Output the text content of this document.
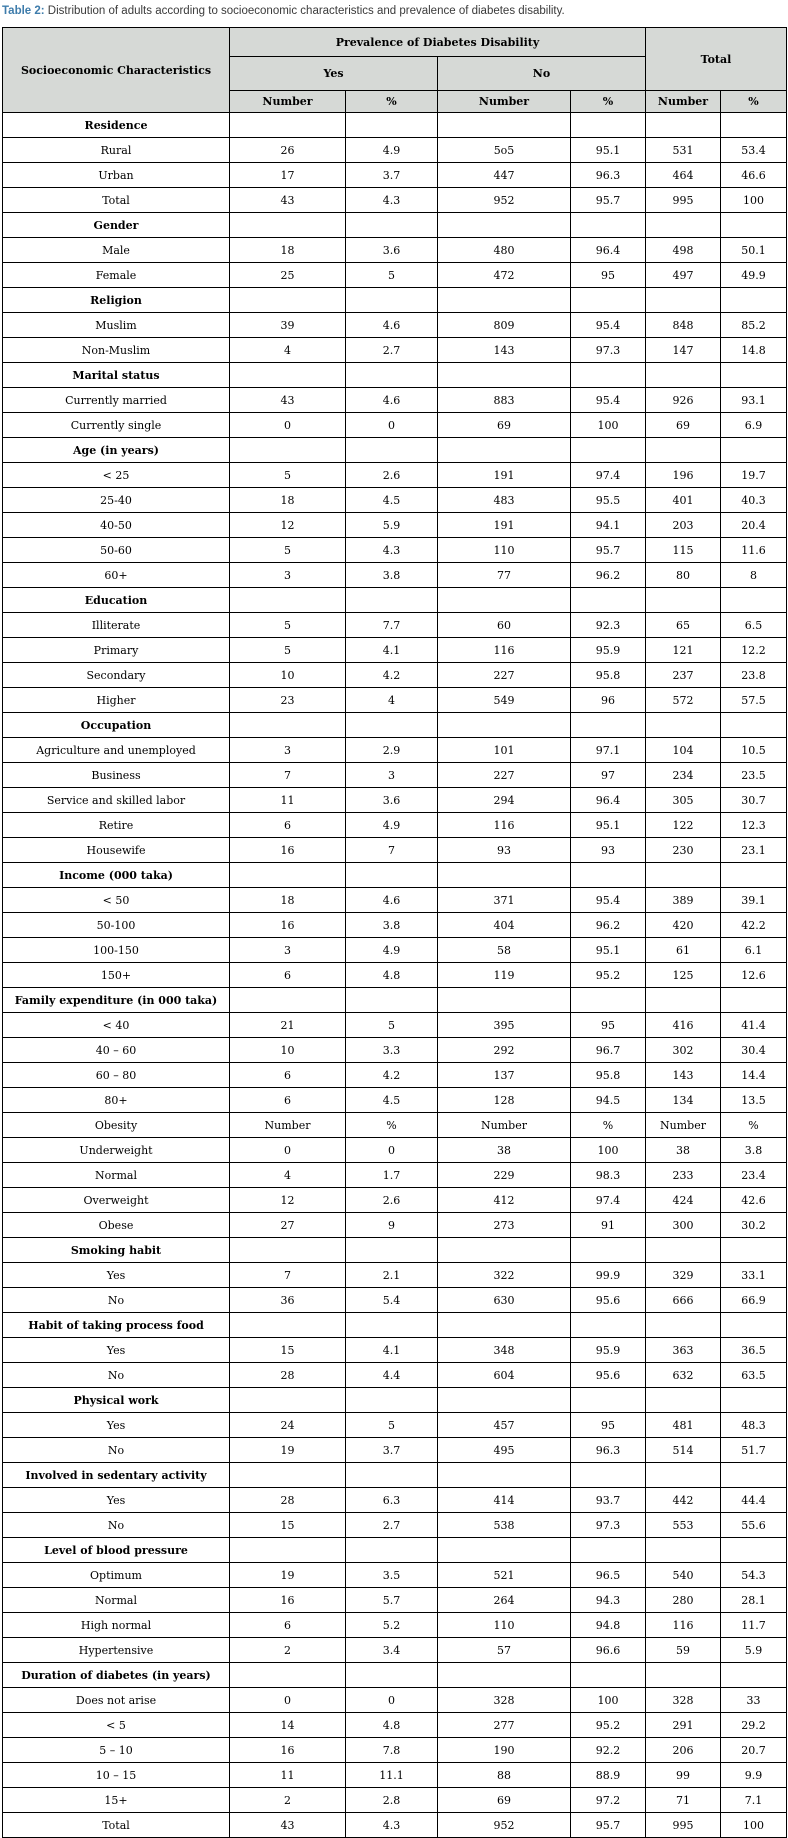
Table 2: Distribution of adults according to socioeconomic characteristics and prevalence of diabetes disability.

Socioeconomic Characteristics	Prevalence of Diabetes Disability				Total	
	Yes		No			
	Number	%	Number	%	Number	%
Residence						
Rural	26	4.9	5o5	95.1	531	53.4
Urban	17	3.7	447	96.3	464	46.6
Total	43	4.3	952	95.7	995	100
Gender						
Male	18	3.6	480	96.4	498	50.1
Female	25	5	472	95	497	49.9
Religion						
Muslim	39	4.6	809	95.4	848	85.2
Non-Muslim	4	2.7	143	97.3	147	14.8
Marital status						
Currently married	43	4.6	883	95.4	926	93.1
Currently single	0	0	69	100	69	6.9
Age (in years)						
< 25	5	2.6	191	97.4	196	19.7
25-40	18	4.5	483	95.5	401	40.3
40-50	12	5.9	191	94.1	203	20.4
50-60	5	4.3	110	95.7	115	11.6
60+	3	3.8	77	96.2	80	8
Education						
Illiterate	5	7.7	60	92.3	65	6.5
Primary	5	4.1	116	95.9	121	12.2
Secondary	10	4.2	227	95.8	237	23.8
Higher	23	4	549	96	572	57.5
Occupation						
Agriculture and unemployed	3	2.9	101	97.1	104	10.5
Business	7	3	227	97	234	23.5
Service and skilled labor	11	3.6	294	96.4	305	30.7
Retire	6	4.9	116	95.1	122	12.3
Housewife	16	7	93	93	230	23.1
Income (000 taka)						
< 50	18	4.6	371	95.4	389	39.1
50-100	16	3.8	404	96.2	420	42.2
100-150	3	4.9	58	95.1	61	6.1
150+	6	4.8	119	95.2	125	12.6
Family expenditure (in 000 taka)						
< 40	21	5	395	95	416	41.4
40 – 60	10	3.3	292	96.7	302	30.4
60 – 80	6	4.2	137	95.8	143	14.4
80+	6	4.5	128	94.5	134	13.5
Obesity	Number	%	Number	%	Number	%
Underweight	0	0	38	100	38	3.8
Normal	4	1.7	229	98.3	233	23.4
Overweight	12	2.6	412	97.4	424	42.6
Obese	27	9	273	91	300	30.2
Smoking habit						
Yes	7	2.1	322	99.9	329	33.1
No	36	5.4	630	95.6	666	66.9
Habit of taking process food						
Yes	15	4.1	348	95.9	363	36.5
No	28	4.4	604	95.6	632	63.5
Physical work						
Yes	24	5	457	95	481	48.3
No	19	3.7	495	96.3	514	51.7
Involved in sedentary activity						
Yes	28	6.3	414	93.7	442	44.4
No	15	2.7	538	97.3	553	55.6
Level of blood pressure						
Optimum	19	3.5	521	96.5	540	54.3
Normal	16	5.7	264	94.3	280	28.1
High normal	6	5.2	110	94.8	116	11.7
Hypertensive	2	3.4	57	96.6	59	5.9
Duration of diabetes (in years)						
Does not arise	0	0	328	100	328	33
< 5	14	4.8	277	95.2	291	29.2
5 – 10	16	7.8	190	92.2	206	20.7
10 – 15	11	11.1	88	88.9	99	9.9
15+	2	2.8	69	97.2	71	7.1
Total	43	4.3	952	95.7	995	100
